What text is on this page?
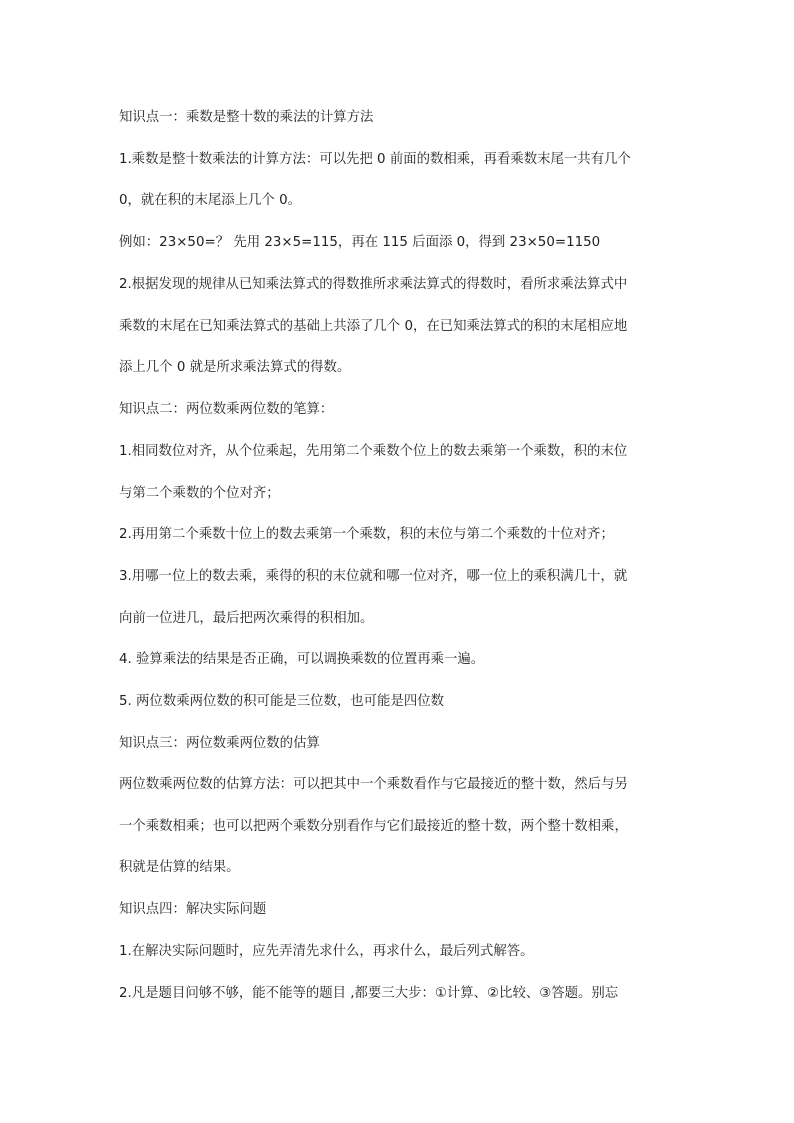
知识点一：乘数是整十数的乘法的计算方法
1.乘数是整十数乘法的计算方法：可以先把 0 前面的数相乘，再看乘数末尾一共有几个
0，就在积的末尾添上几个 0。
例如：23×50=？ 先用 23×5=115，再在 115 后面添 0，得到 23×50=1150
2.根据发现的规律从已知乘法算式的得数推所求乘法算式的得数时，看所求乘法算式中
乘数的末尾在已知乘法算式的基础上共添了几个 0，在已知乘法算式的积的末尾相应地
添上几个 0 就是所求乘法算式的得数。
知识点二：两位数乘两位数的笔算：
1.相同数位对齐，从个位乘起，先用第二个乘数个位上的数去乘第一个乘数，积的末位
与第二个乘数的个位对齐；
2.再用第二个乘数十位上的数去乘第一个乘数，积的末位与第二个乘数的十位对齐；
3.用哪一位上的数去乘，乘得的积的末位就和哪一位对齐，哪一位上的乘积满几十，就
向前一位进几，最后把两次乘得的积相加。
4. 验算乘法的结果是否正确，可以调换乘数的位置再乘一遍。
5. 两位数乘两位数的积可能是三位数，也可能是四位数
知识点三：两位数乘两位数的估算
两位数乘两位数的估算方法：可以把其中一个乘数看作与它最接近的整十数，然后与另
一个乘数相乘；也可以把两个乘数分别看作与它们最接近的整十数，两个整十数相乘，
积就是估算的结果。
知识点四：解决实际问题
1.在解决实际问题时，应先弄清先求什么，再求什么，最后列式解答。
2.凡是题目问够不够，能不能等的题目 ,都要三大步：①计算、②比较、③答题。别忘
